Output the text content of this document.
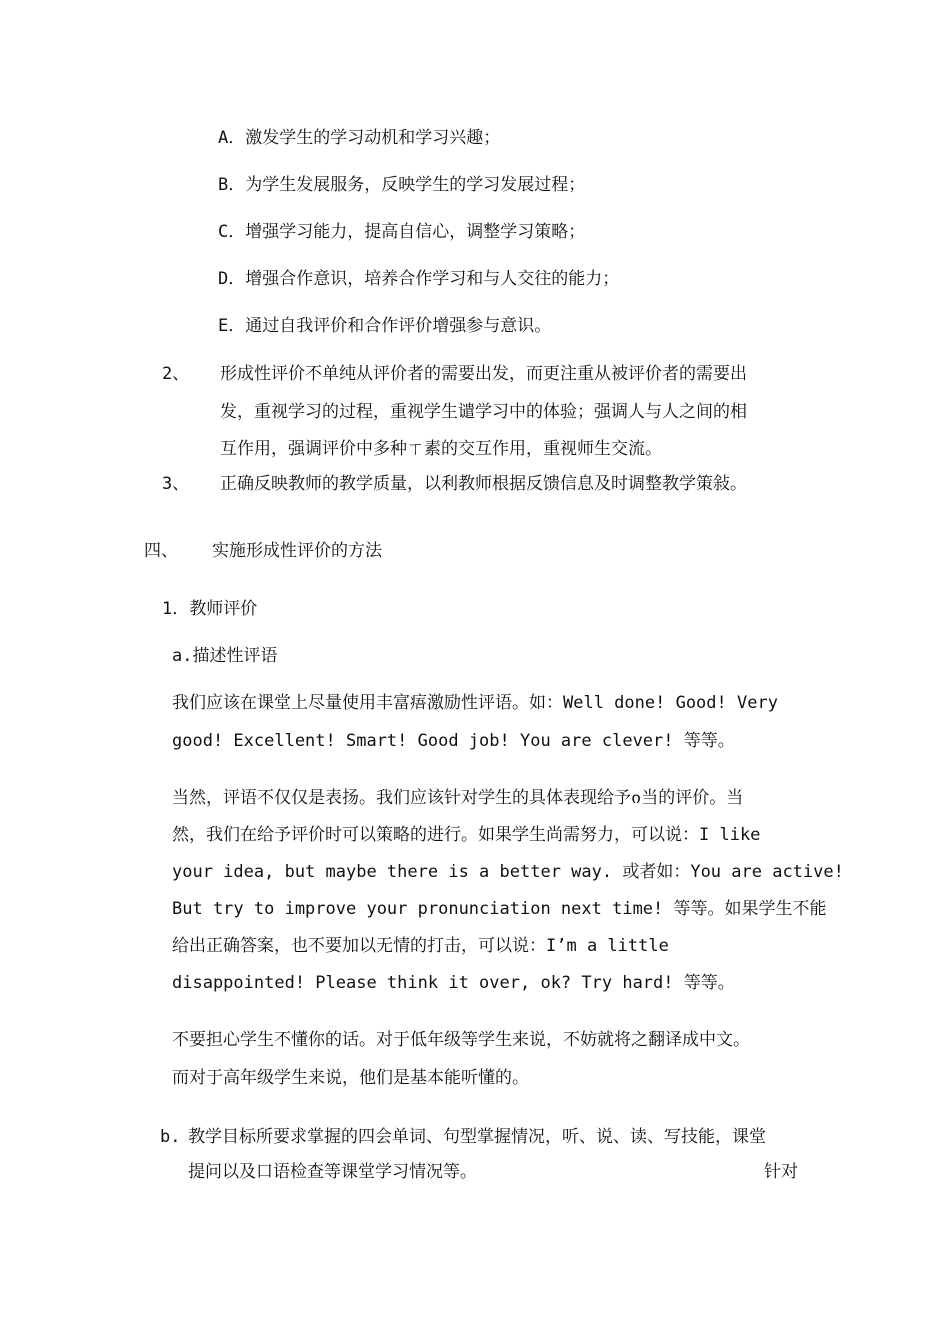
A．激发学生的学习动机和学习兴趣；
B．为学生发展服务，反映学生的学习发展过程；
C．增强学习能力，提高自信心，调整学习策略；
D．增强合作意识，培养合作学习和与人交往的能力；
E．通过自我评价和合作评价增强参与意识。
2、 形成性评价不单纯从评价者的需要出发，而更注重从被评价者的需要出
发，重视学习的过程，重视学生谴学习中的体验；强调人与人之间的相
互作用，强调评价中多种ㄒ素的交互作用，重视师生交流。
3、 正确反映教师的教学质量，以利教师根据反馈信息及时调整教学策敍。
四、 实施形成性评价的方法
1．教师评价
a.描述性评语
我们应该在课堂上尽量使用丰富痦激励性评语。如：Well done! Good! Very
good! Excellent! Smart! Good job! You are clever! 等等。
当然，评语不仅仅是表扬。我们应该针对学生的具体表现给予ი当的评价。当
然，我们在给予评价时可以策略的进行。如果学生尚需努力，可以说：I like
your idea, but maybe there is a better way. 或者如：You are active!
But try to improve your pronunciation next time! 等等。如果学生不能
给出正确答案，也不要加以无情的打击，可以说：I’m a little
disappointed! Please think it over, ok? Try hard! 等等。
不要担心学生不懂你的话。对于低年级等学生来说，不妨就将之翻译成中文。
而对于高年级学生来说，他们是基本能听懂的。
b. 教学目标所要求掌握的四会单词、句型掌握情况，听、说、读、写技能，课堂
提问以及口语检查等课堂学习情况等。	针对
